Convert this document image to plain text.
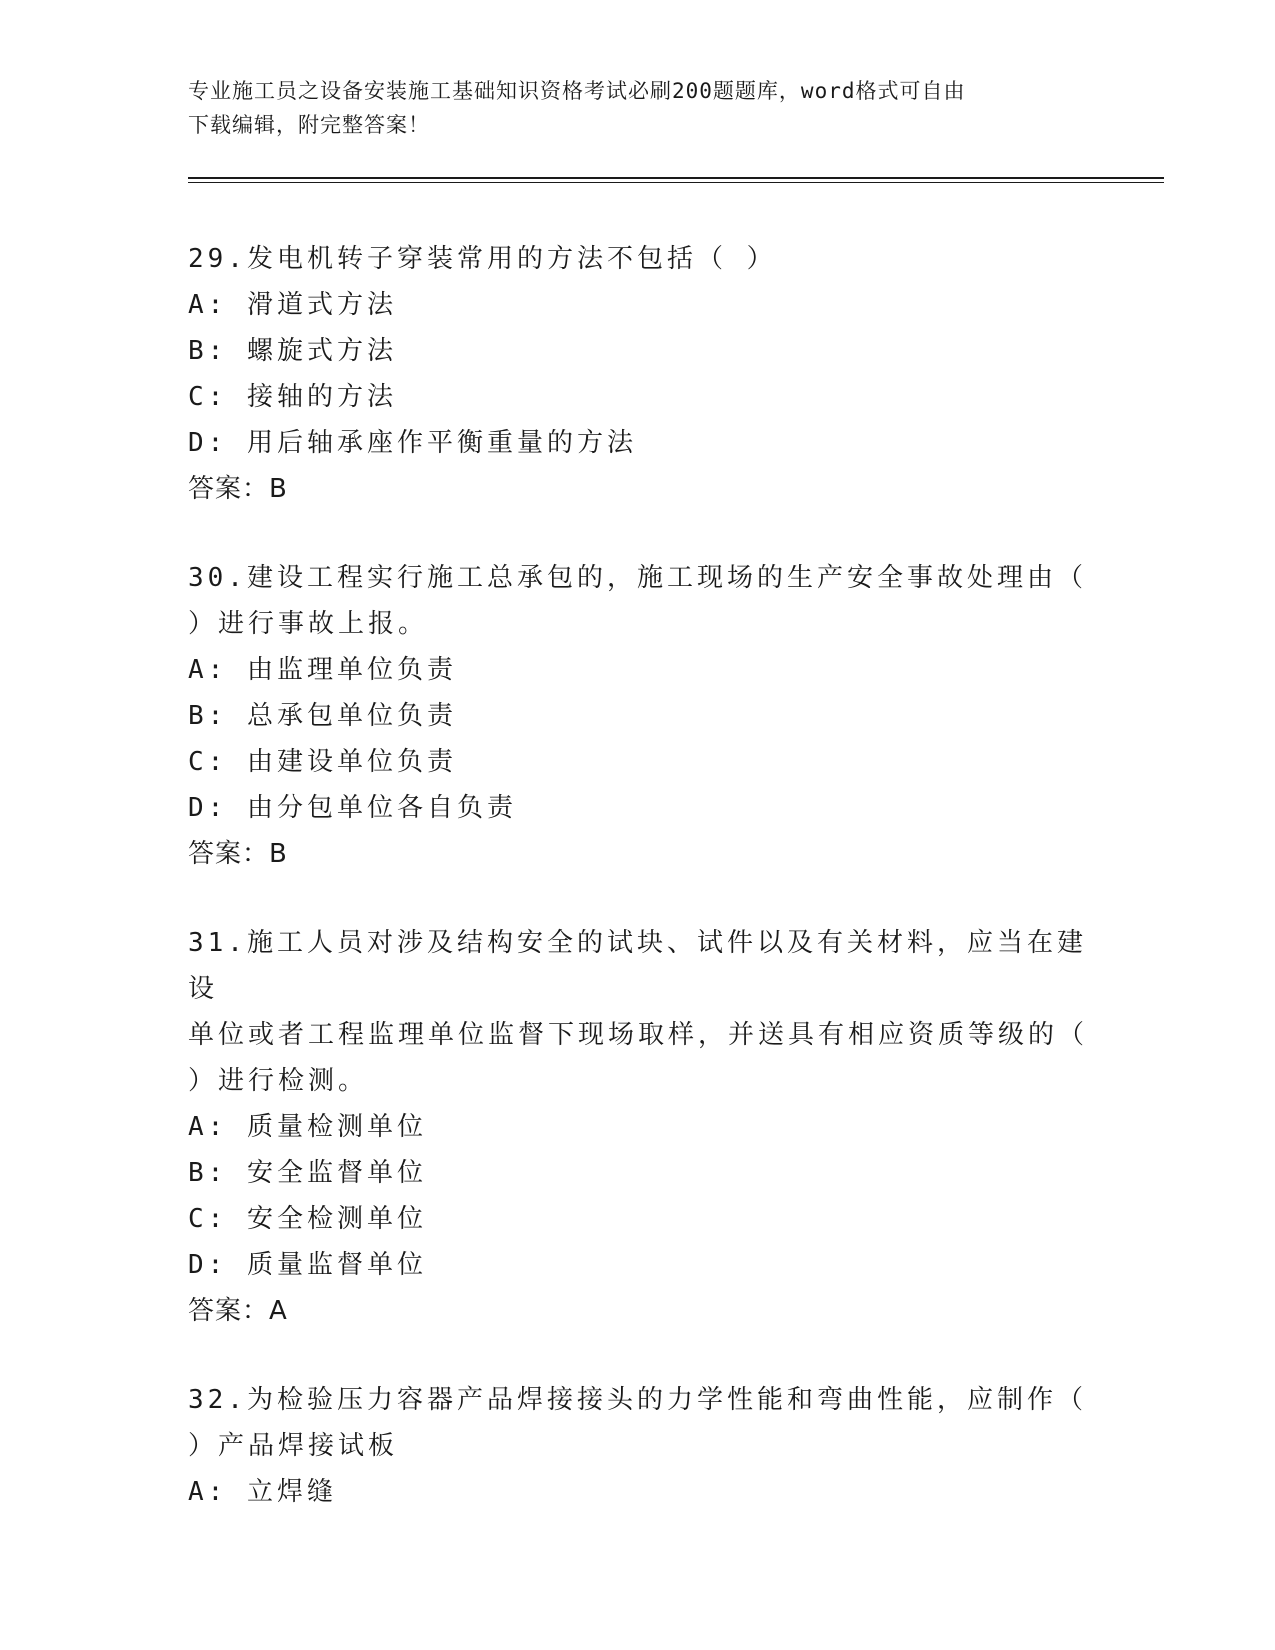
专业施工员之设备安装施工基础知识资格考试必刷200题题库，word格式可自由
下载编辑，附完整答案！
29.发电机转子穿装常用的方法不包括（ ）
A: 滑道式方法
B: 螺旋式方法
C: 接轴的方法
D: 用后轴承座作平衡重量的方法
答案：B
30.建设工程实行施工总承包的，施工现场的生产安全事故处理由（
）进行事故上报。
A: 由监理单位负责
B: 总承包单位负责
C: 由建设单位负责
D: 由分包单位各自负责
答案：B
31.施工人员对涉及结构安全的试块、试件以及有关材料，应当在建设
单位或者工程监理单位监督下现场取样，并送具有相应资质等级的（
）进行检测。
A: 质量检测单位
B: 安全监督单位
C: 安全检测单位
D: 质量监督单位
答案：A
32.为检验压力容器产品焊接接头的力学性能和弯曲性能，应制作（
）产品焊接试板
A: 立焊缝
